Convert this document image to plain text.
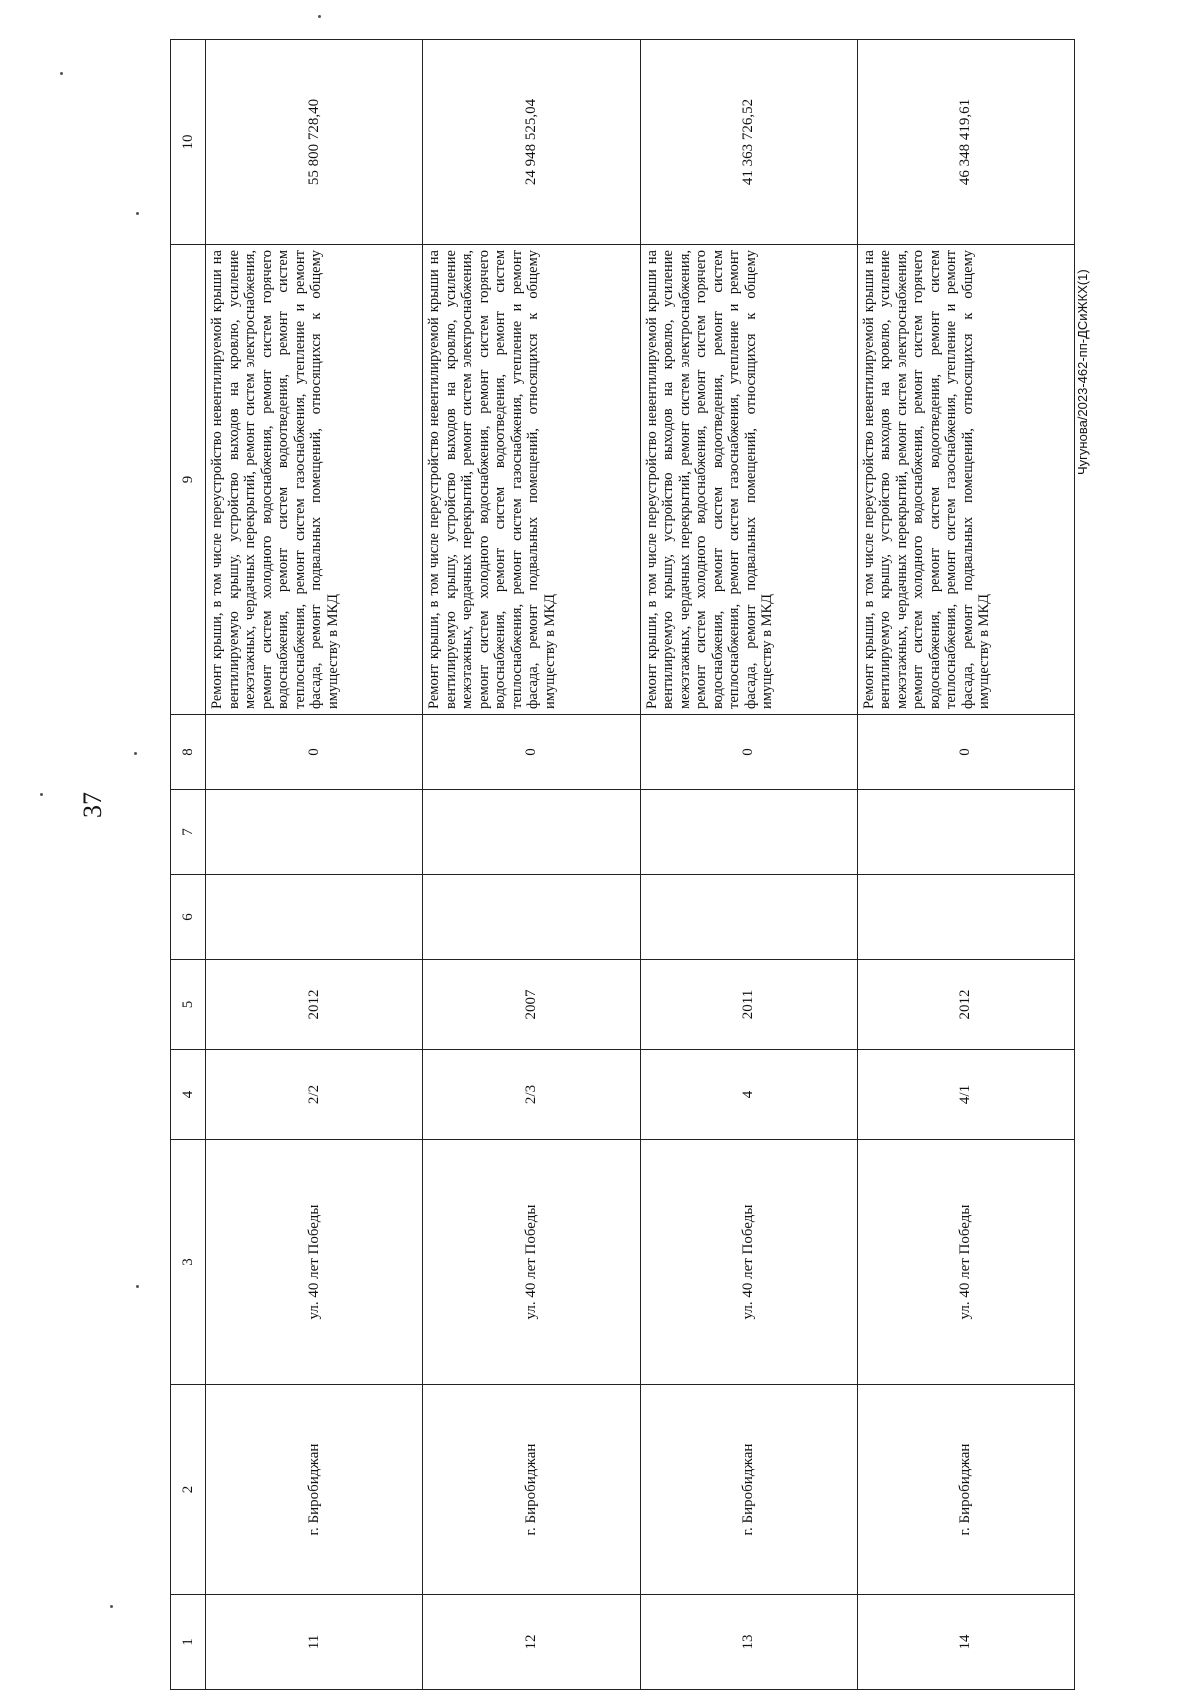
37
Чугунова/2023-462-пп-ДСиЖКХ(1)
1	2	3	4	5	6	7	8	9	10
11	г. Биробиджан	ул. 40 лет Победы	2/2	2012			0	Ремонт крыши, в том числе переустройство невентилируемой крыши на вентилируемую крышу, устройство выходов на кровлю, усиление межэтажных, чердачных перекрытий, ремонт систем электроснабжения, ремонт систем холодного водоснабжения, ремонт систем горячего водоснабжения, ремонт систем водоотведения, ремонт систем теплоснабжения, ремонт систем газоснабжения, утепление и ремонт фасада, ремонт подвальных помещений, относящихся к общему имуществу в МКД	55 800 728,40
12	г. Биробиджан	ул. 40 лет Победы	2/3	2007			0	Ремонт крыши, в том числе переустройство невентилируемой крыши на вентилируемую крышу, устройство выходов на кровлю, усиление межэтажных, чердачных перекрытий, ремонт систем электроснабжения, ремонт систем холодного водоснабжения, ремонт систем горячего водоснабжения, ремонт систем водоотведения, ремонт систем теплоснабжения, ремонт систем газоснабжения, утепление и ремонт фасада, ремонт подвальных помещений, относящихся к общему имуществу в МКД	24 948 525,04
13	г. Биробиджан	ул. 40 лет Победы	4	2011			0	Ремонт крыши, в том числе переустройство невентилируемой крыши на вентилируемую крышу, устройство выходов на кровлю, усиление межэтажных, чердачных перекрытий, ремонт систем электроснабжения, ремонт систем холодного водоснабжения, ремонт систем горячего водоснабжения, ремонт систем водоотведения, ремонт систем теплоснабжения, ремонт систем газоснабжения, утепление и ремонт фасада, ремонт подвальных помещений, относящихся к общему имуществу в МКД	41 363 726,52
14	г. Биробиджан	ул. 40 лет Победы	4/1	2012			0	Ремонт крыши, в том числе переустройство невентилируемой крыши на вентилируемую крышу, устройство выходов на кровлю, усиление межэтажных, чердачных перекрытий, ремонт систем электроснабжения, ремонт систем холодного водоснабжения, ремонт систем горячего водоснабжения, ремонт систем водоотведения, ремонт систем теплоснабжения, ремонт систем газоснабжения, утепление и ремонт фасада, ремонт подвальных помещений, относящихся к общему имуществу в МКД	46 348 419,61
